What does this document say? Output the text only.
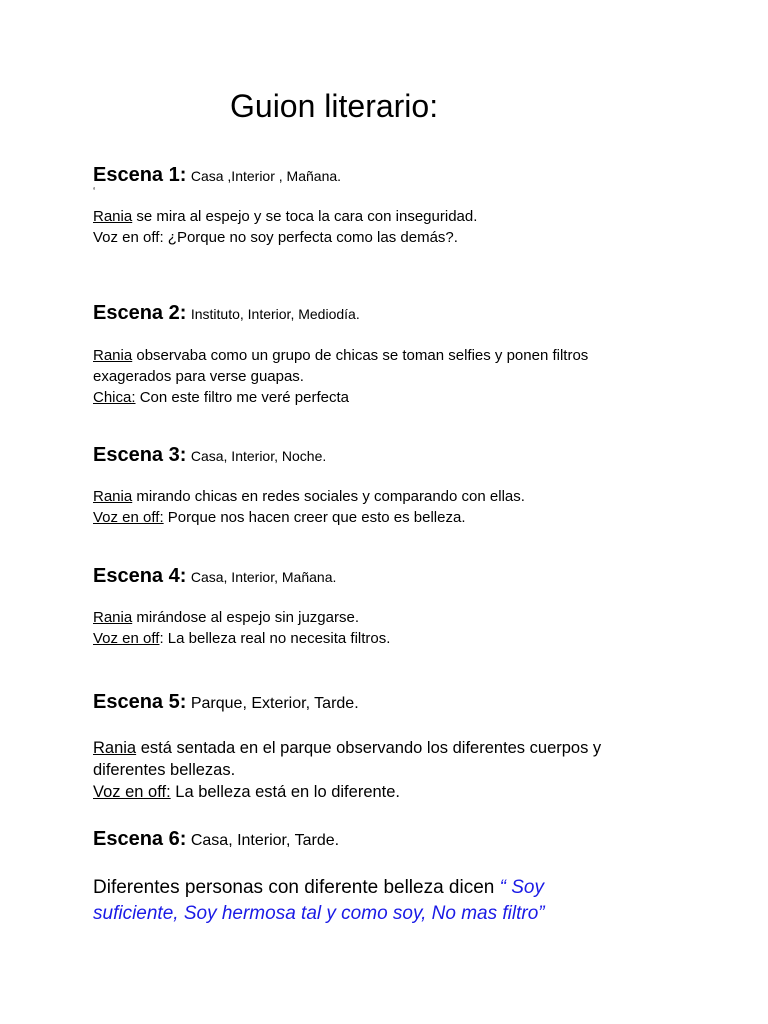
Guion literario:

Escena 1: Casa ,Interior , Mañana.

‘

Rania se mira al espejo y se toca la cara con inseguridad.

Voz en off: ¿Porque no soy perfecta como las demás?.

Escena 2: Instituto, Interior, Mediodía.

Rania observaba como un grupo de chicas se toman selfies y ponen filtros

exagerados para verse guapas.

Chica: Con este filtro me veré perfecta

Escena 3: Casa, Interior, Noche.

Rania mirando chicas en redes sociales y comparando con ellas.

Voz en off: Porque nos hacen creer que esto es belleza.

Escena 4: Casa, Interior, Mañana.

Rania mirándose al espejo sin juzgarse.

Voz en off: La belleza real no necesita filtros.

Escena 5: Parque, Exterior, Tarde.

Rania está sentada en el parque observando los diferentes cuerpos y

diferentes bellezas.

Voz en off: La belleza está en lo diferente.

Escena 6: Casa, Interior, Tarde.

Diferentes personas con diferente belleza dicen “ Soy
suficiente, Soy hermosa tal y como soy, No mas filtro”
